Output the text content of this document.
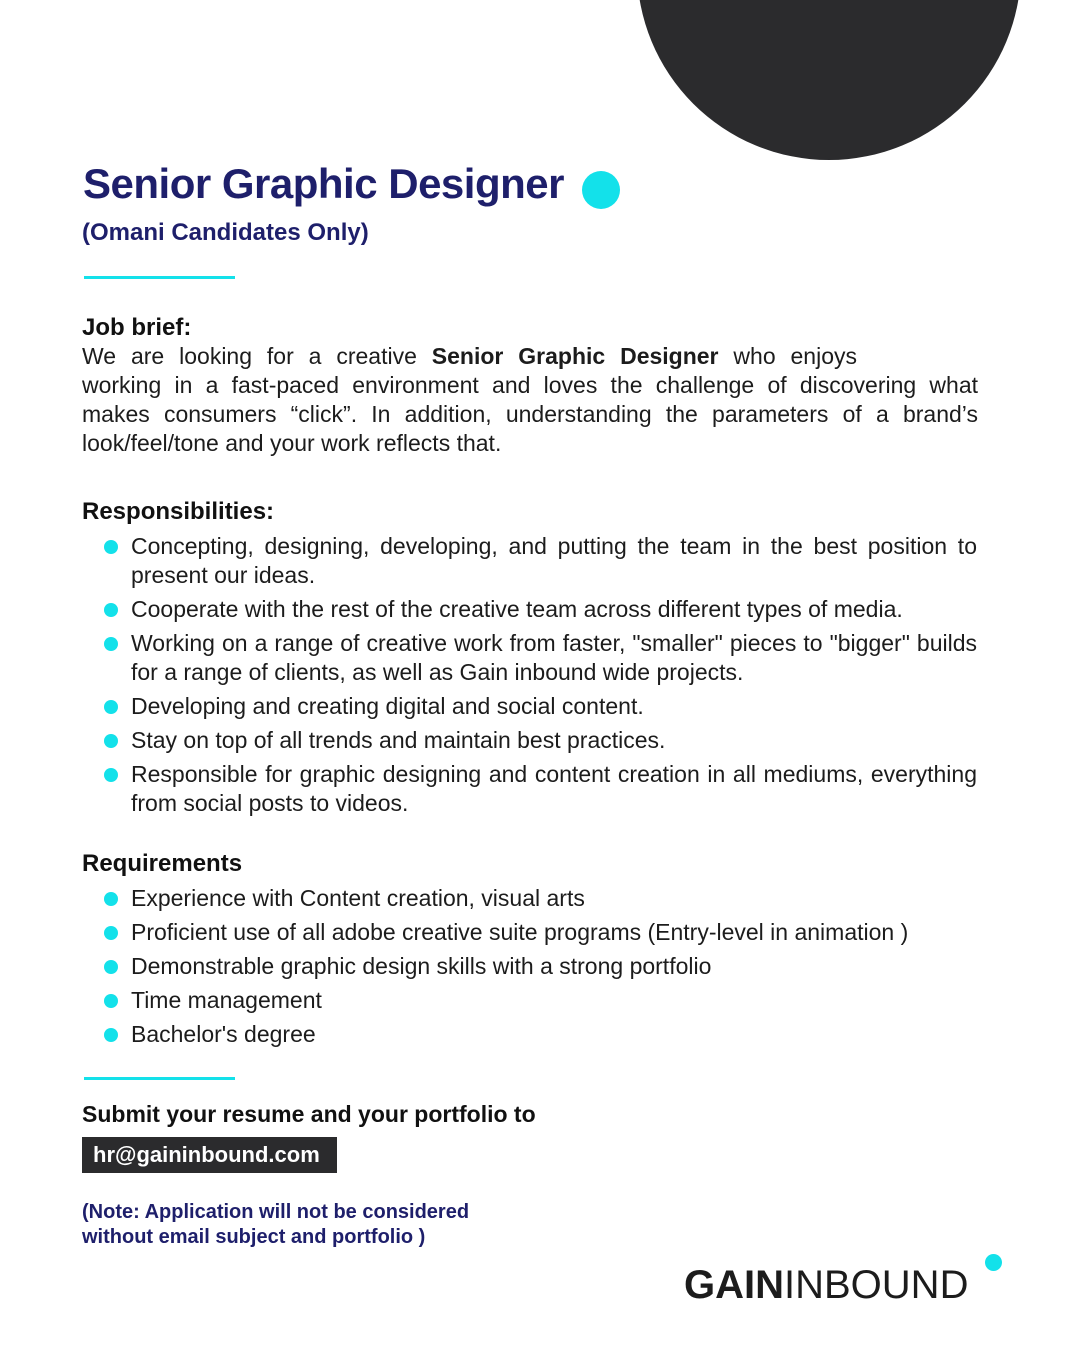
Senior Graphic Designer
(Omani Candidates Only)
Job brief:
We are looking for a creative Senior Graphic Designer who enjoys
working in a fast-paced environment and loves the challenge of discovering what
makes consumers “click”. In addition, understanding the parameters of a brand’s
look/feel/tone and your work reflects that.
Responsibilities:
Concepting, designing, developing, and putting the team in the best position to present our ideas.
Cooperate with the rest of the creative team across different types of media.
Working on a range of creative work from faster, "smaller" pieces to "bigger" builds for a range of clients, as well as Gain inbound wide projects.
Developing and creating digital and social content.
Stay on top of all trends and maintain best practices.
Responsible for graphic designing and content creation in all mediums, everything from social posts to videos.
Requirements
Experience with Content creation, visual arts
Proficient use of all adobe creative suite programs (Entry-level in animation )
Demonstrable graphic design skills with a strong portfolio
Time management
Bachelor's degree
Submit your resume and your portfolio to
hr@gaininbound.com
(Note: Application will not be considered
without email subject and portfolio )
GAININBOUND
